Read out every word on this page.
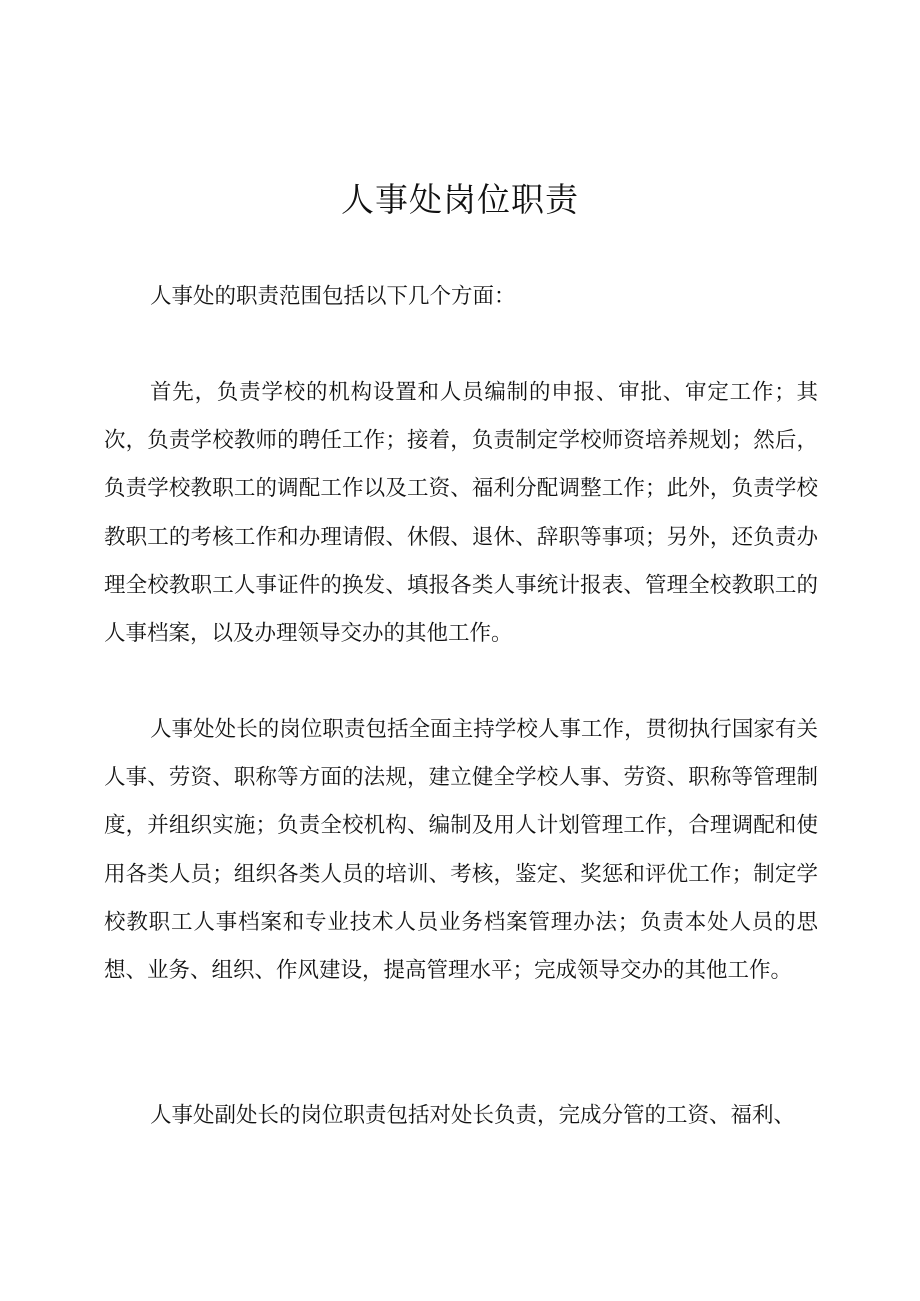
人事处岗位职责

人事处的职责范围包括以下几个方面：

首先，负责学校的机构设置和人员编制的申报、审批、审定工作；其次，负责学校教师的聘任工作；接着，负责制定学校师资培养规划；然后，负责学校教职工的调配工作以及工资、福利分配调整工作；此外，负责学校教职工的考核工作和办理请假、休假、退休、辞职等事项；另外，还负责办理全校教职工人事证件的换发、填报各类人事统计报表、管理全校教职工的人事档案，以及办理领导交办的其他工作。

人事处处长的岗位职责包括全面主持学校人事工作，贯彻执行国家有关人事、劳资、职称等方面的法规，建立健全学校人事、劳资、职称等管理制度，并组织实施；负责全校机构、编制及用人计划管理工作，合理调配和使用各类人员；组织各类人员的培训、考核，鉴定、奖惩和评优工作；制定学校教职工人事档案和专业技术人员业务档案管理办法；负责本处人员的思想、业务、组织、作风建设，提高管理水平；完成领导交办的其他工作。

人事处副处长的岗位职责包括对处长负责，完成分管的工资、福利、
